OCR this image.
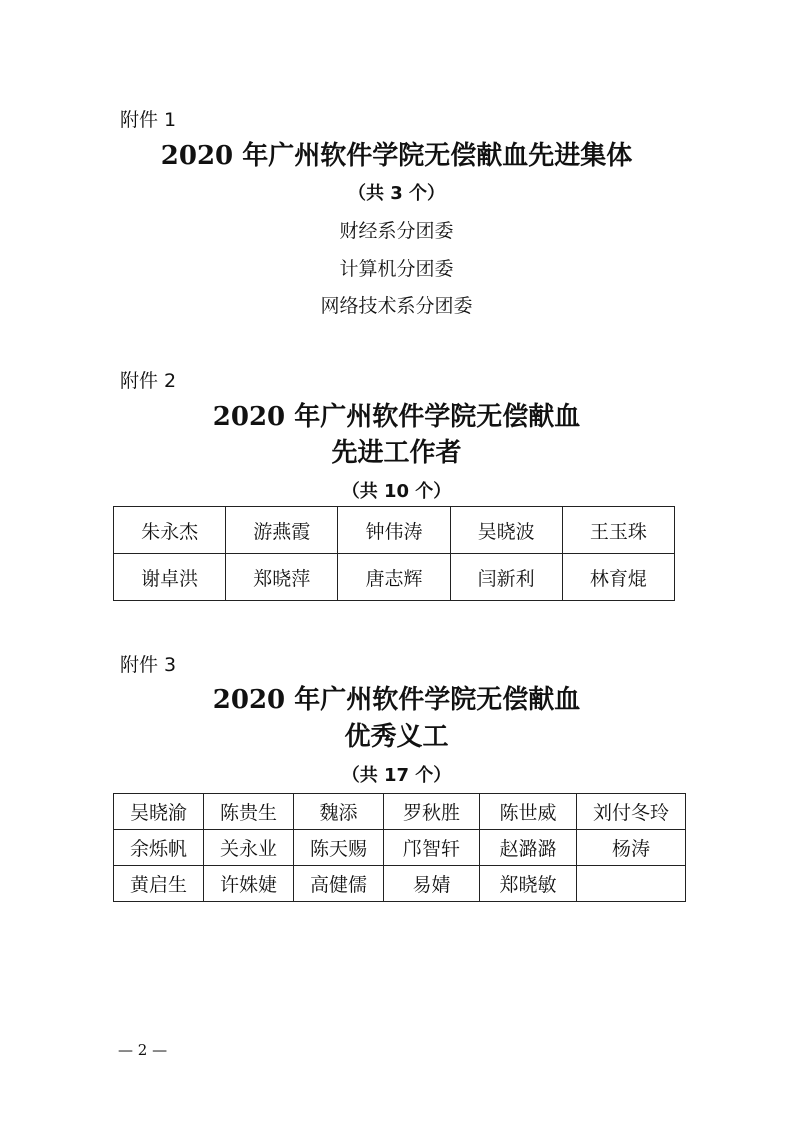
附件 1
2020 年广州软件学院无偿献血先进集体
（共 3 个）
财经系分团委
计算机分团委
网络技术系分团委
附件 2
2020 年广州软件学院无偿献血
先进工作者
（共 10 个）
朱永杰	游燕霞	钟伟涛	吴晓波	王玉珠
谢卓洪	郑晓萍	唐志辉	闫新利	林育焜
附件 3
2020 年广州软件学院无偿献血
优秀义工
（共 17 个）
吴晓渝	陈贵生	魏添	罗秋胜	陈世威	刘付冬玲
余烁帆	关永业	陈天赐	邝智轩	赵潞潞	杨涛
黄启生	许姝婕	高健儒	易婧	郑晓敏	
— 2 —
